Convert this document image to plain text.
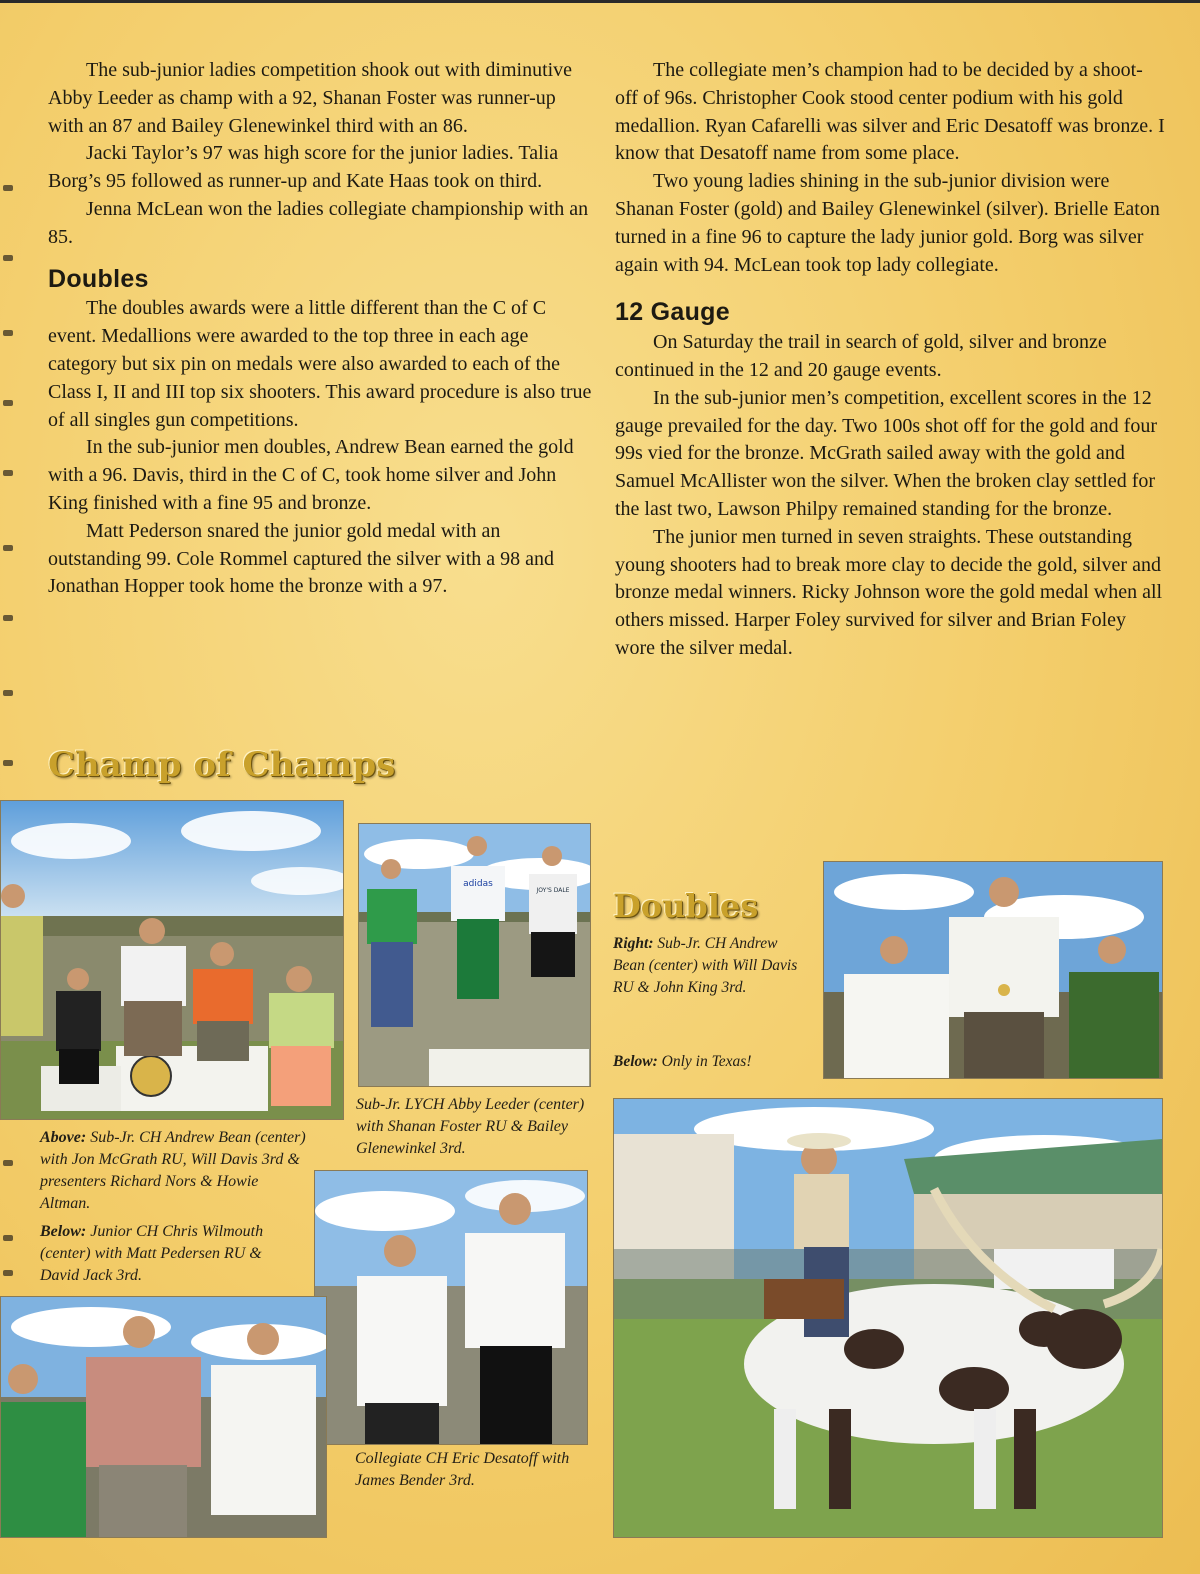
The sub-junior ladies competition shook out with diminutive Abby Leeder as champ with a 92, Shanan Foster was runner-up with an 87 and Bailey Glenewinkel third with an 86.

Jacki Taylor’s 97 was high score for the junior ladies. Talia Borg’s 95 followed as runner-up and Kate Haas took on third.

Jenna McLean won the ladies collegiate championship with an 85.

Doubles

The doubles awards were a little different than the C of C event. Medallions were awarded to the top three in each age category but six pin on medals were also awarded to each of the Class I, II and III top six shooters. This award procedure is also true of all singles gun competitions.

In the sub-junior men doubles, Andrew Bean earned the gold with a 96. Davis, third in the C of C, took home silver and John King finished with a fine 95 and bronze.

Matt Pederson snared the junior gold medal with an outstanding 99. Cole Rommel captured the silver with a 98 and Jonathan Hopper took home the bronze with a 97.

The collegiate men’s champion had to be decided by a shoot-off of 96s. Christopher Cook stood center podium with his gold medallion. Ryan Cafarelli was silver and Eric Desatoff was bronze. I know that Desatoff name from some place.

Two young ladies shining in the sub-junior division were Shanan Foster (gold) and Bailey Glenewinkel (silver). Brielle Eaton turned in a fine 96 to capture the lady junior gold. Borg was silver again with 94. McLean took top lady collegiate.

12 Gauge

On Saturday the trail in search of gold, silver and bronze continued in the 12 and 20 gauge events.

In the sub-junior men’s competition, excellent scores in the 12 gauge prevailed for the day. Two 100s shot off for the gold and four 99s vied for the bronze. McGrath sailed away with the gold and Samuel McAllister won the silver. When the broken clay settled for the last two, Lawson Philpy remained standing for the bronze.

The junior men turned in seven straights. These outstanding young shooters had to break more clay to decide the gold, silver and bronze medal winners. Ricky Johnson wore the gold medal when all others missed. Harper Foley survived for silver and Brian Foley wore the silver medal.

Champ of Champs
Doubles
adidas
JOY'S DALE
Above: Sub-Jr. CH Andrew Bean (center) with Jon McGrath RU, Will Davis 3rd & presenters Richard Nors & Howie Altman.
Below: Junior CH Chris Wilmouth (center) with Matt Pedersen RU & David Jack 3rd.
Sub-Jr. LYCH Abby Leeder (center) with Shanan Foster RU & Bailey Glenewinkel 3rd.
Collegiate CH Eric Desatoff with James Bender 3rd.
Right: Sub-Jr. CH Andrew Bean (center) with Will Davis RU & John King 3rd.
Below: Only in Texas!
